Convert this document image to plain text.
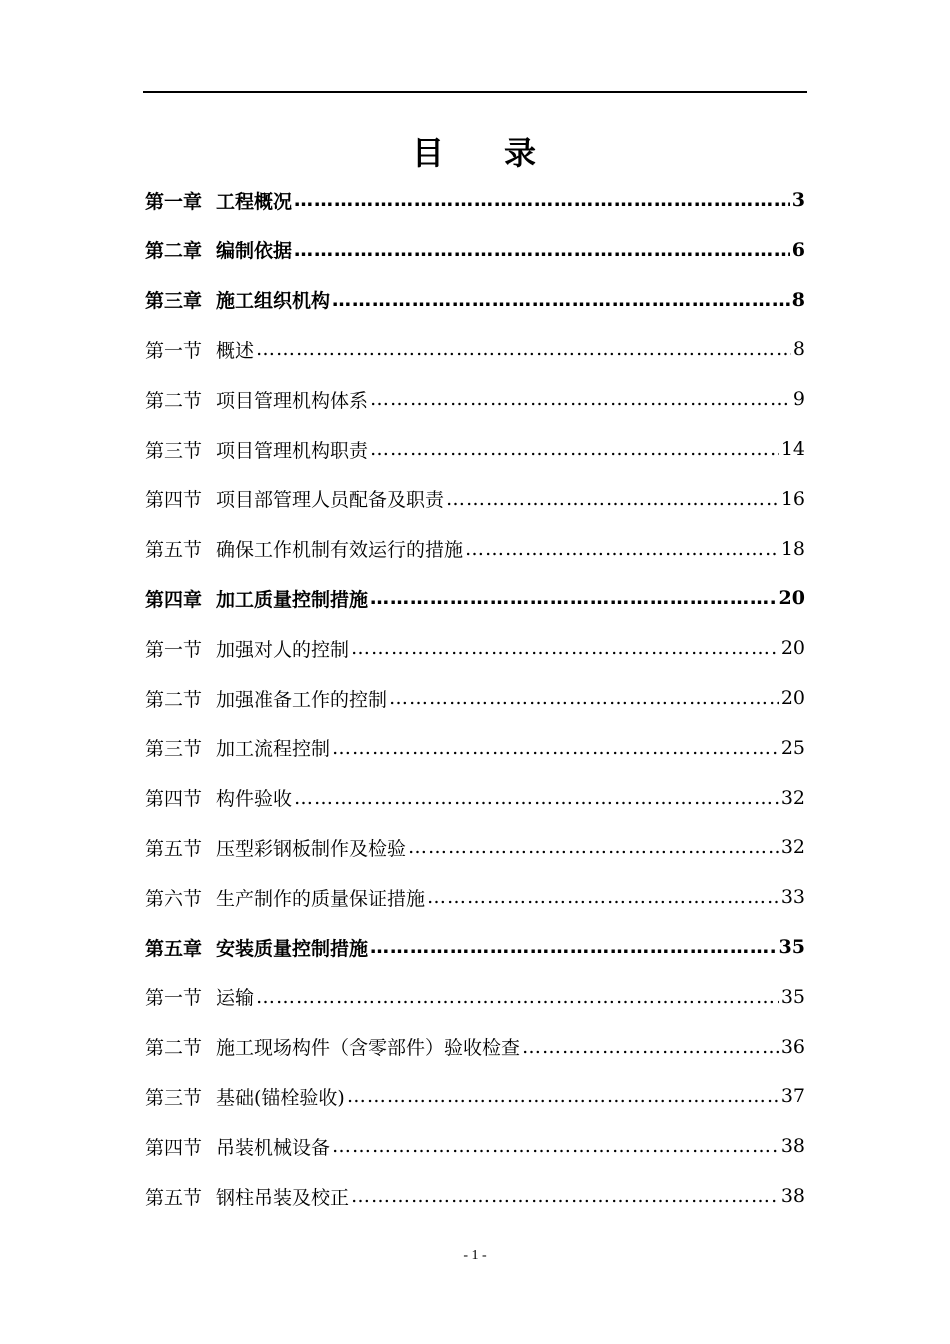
目 录
第一章 工程概况 ………………………………………………………………………………………………………………………………	3
第二章 编制依据 ………………………………………………………………………………………………………………………………	6
第三章 施工组织机构 ………………………………………………………………………………………………………………………………	8
第一节 概述 ………………………………………………………………………………………………………………………………	8
第二节 项目管理机构体系 ………………………………………………………………………………………………………………………………	9
第三节 项目管理机构职责 ………………………………………………………………………………………………………………………………	14
第四节 项目部管理人员配备及职责 ………………………………………………………………………………………………………………………………	16
第五节 确保工作机制有效运行的措施 ………………………………………………………………………………………………………………………………	18
第四章 加工质量控制措施 ………………………………………………………………………………………………………………………………	20
第一节 加强对人的控制 ………………………………………………………………………………………………………………………………	20
第二节 加强准备工作的控制 ………………………………………………………………………………………………………………………………	20
第三节 加工流程控制 ………………………………………………………………………………………………………………………………	25
第四节 构件验收 ………………………………………………………………………………………………………………………………	32
第五节 压型彩钢板制作及检验 ………………………………………………………………………………………………………………………………	32
第六节 生产制作的质量保证措施 ………………………………………………………………………………………………………………………………	33
第五章 安装质量控制措施 ………………………………………………………………………………………………………………………………	35
第一节 运输 ………………………………………………………………………………………………………………………………	35
第二节 施工现场构件（含零部件）验收检查 ………………………………………………………………………………………………………………………………	36
第三节 基础(锚栓验收) ………………………………………………………………………………………………………………………………	37
第四节 吊装机械设备 ………………………………………………………………………………………………………………………………	38
第五节 钢柱吊装及校正 ………………………………………………………………………………………………………………………………	38
- 1 -
